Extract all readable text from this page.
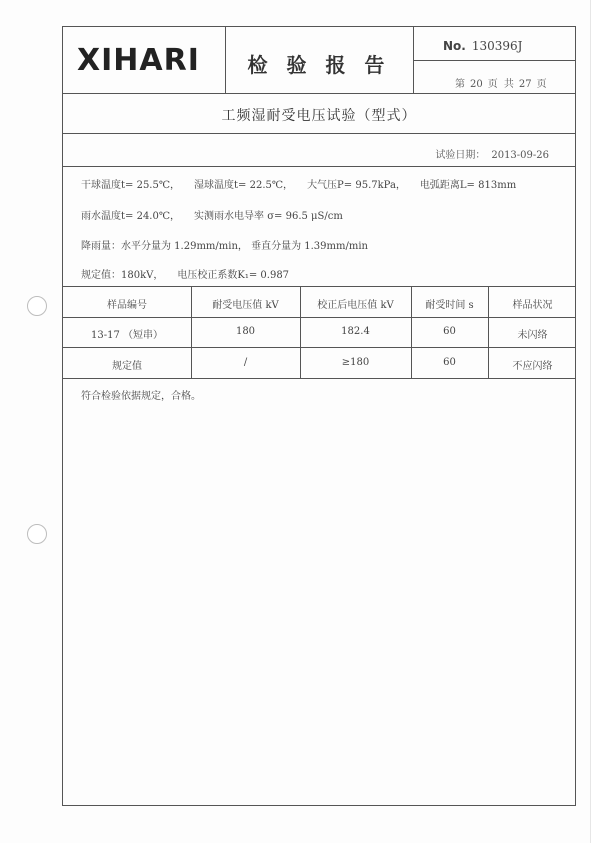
XIHARI	检 验 报 告
No. 130396J
第 20 页 共 27 页
工频湿耐受电压试验（型式）
试验日期： 2013-09-26
干球温度t= 25.5℃， 湿球温度t= 22.5℃， 大气压P= 95.7kPa， 电弧距离L= 813mm
雨水温度t= 24.0℃， 实测雨水电导率 σ= 96.5 μS/cm
降雨量：水平分量为 1.29mm/min， 垂直分量为 1.39mm/min
规定值：180kV， 电压校正系数K₁= 0.987
样品编号	耐受电压值 kV	校正后电压值 kV	耐受时间 s	样品状况
13-17 （短串）	180	182.4	60	未闪络
规定值	/	≥180	60	不应闪络
符合检验依据规定，合格。
